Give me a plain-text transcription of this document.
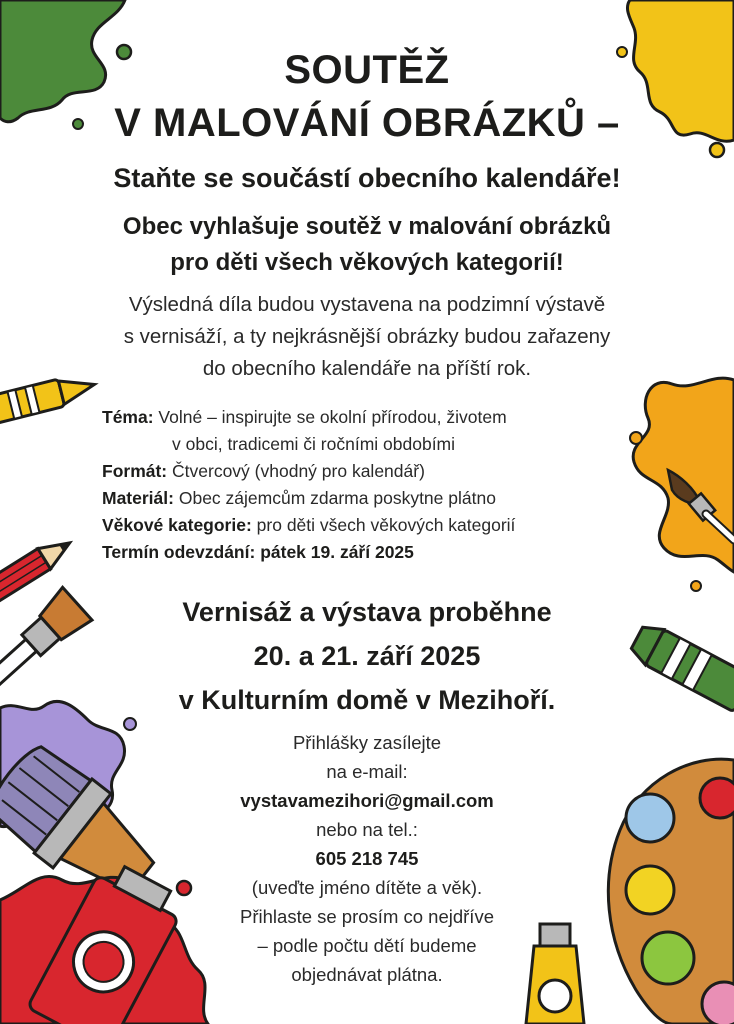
SOUTĚŽ
V MALOVÁNÍ OBRÁZKŮ –
Staňte se součástí obecního kalendáře!
Obec vyhlašuje soutěž v malování obrázků
pro děti všech věkových kategorií!
Výsledná díla budou vystavena na podzimní výstavě
s vernisáží, a ty nejkrásnější obrázky budou zařazeny
do obecního kalendáře na příští rok.
Téma: Volné – inspirujte se okolní přírodou, životem
v obci, tradicemi či ročními obdobími
Formát: Čtvercový (vhodný pro kalendář)
Materiál: Obec zájemcům zdarma poskytne plátno
Věkové kategorie: pro děti všech věkových kategorií
Termín odevzdání: pátek 19. září 2025
Vernisáž a výstava proběhne
20. a 21. září 2025
v Kulturním domě v Mezihoří.
Přihlášky zasílejte
na e-mail:
vystavamezihori@gmail.com
nebo na tel.:
605 218 745
(uveďte jméno dítěte a věk).
Přihlaste se prosím co nejdříve
– podle počtu dětí budeme
objednávat plátna.
